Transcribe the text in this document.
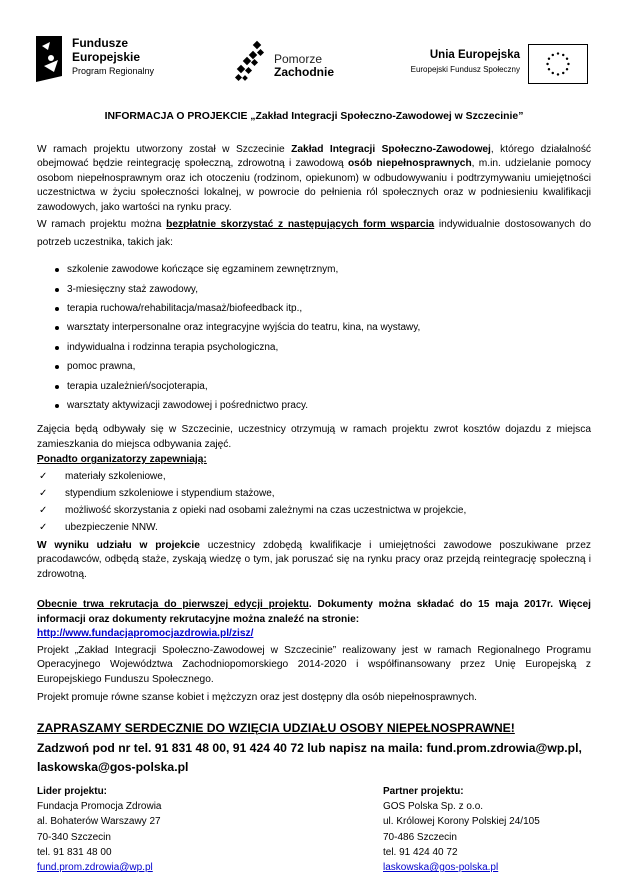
Fundusze
Europejskie
Program Regionalny
Pomorze
Zachodnie
Unia Europejska
Europejski Fundusz Społeczny
INFORMACJA O PROJEKCIE „Zakład Integracji Społeczno-Zawodowej w Szczecinie”

W ramach projektu utworzony został w Szczecinie Zakład Integracji Społeczno-Zawodowej, którego działalność obejmować będzie reintegrację społeczną, zdrowotną i zawodową osób niepełnosprawnych, m.in. udzielanie pomocy osobom niepełnosprawnym oraz ich otoczeniu (rodzinom, opiekunom) w odbudowywaniu i podtrzymywaniu umiejętności uczestnictwa w życiu społeczności lokalnej, w powrocie do pełnienia ról społecznych oraz w podniesieniu kwalifikacji zawodowych, jako wartości na rynku pracy.

W ramach projektu można bezpłatnie skorzystać z następujących form wsparcia indywidualnie dostosowanych do potrzeb uczestnika, takich jak:

szkolenie zawodowe kończące się egzaminem zewnętrznym,
3-miesięczny staż zawodowy,
terapia ruchowa/rehabilitacja/masaż/biofeedback itp.,
warsztaty interpersonalne oraz integracyjne wyjścia do teatru, kina, na wystawy,
indywidualna i rodzinna terapia psychologiczna,
pomoc prawna,
terapia uzależnień/socjoterapia,
warsztaty aktywizacji zawodowej i pośrednictwo pracy.

Zajęcia będą odbywały się w Szczecinie, uczestnicy otrzymują w ramach projektu zwrot kosztów dojazdu z miejsca zamieszkania do miejsca odbywania zajęć.

Ponadto organizatorzy zapewniają:

✓ materiały szkoleniowe,
✓ stypendium szkoleniowe i stypendium stażowe,
✓ możliwość skorzystania z opieki nad osobami zależnymi na czas uczestnictwa w projekcie,
✓ ubezpieczenie NNW.

W wyniku udziału w projekcie uczestnicy zdobędą kwalifikacje i umiejętności zawodowe poszukiwane przez pracodawców, odbędą staże, zyskają wiedzę o tym, jak poruszać się na rynku pracy oraz przejdą reintegrację społeczną i zdrowotną.

Obecnie trwa rekrutacja do pierwszej edycji projektu. Dokumenty można składać do 15 maja 2017r. Więcej informacji oraz dokumenty rekrutacyjne można znaleźć na stronie:
http://www.fundacjapromocjazdrowia.pl/zisz/

Projekt „Zakład Integracji Społeczno-Zawodowej w Szczecinie” realizowany jest w ramach Regionalnego Programu Operacyjnego Województwa Zachodniopomorskiego 2014-2020 i współfinansowany przez Unię Europejską z Europejskiego Funduszu Społecznego.

Projekt promuje równe szanse kobiet i mężczyzn oraz jest dostępny dla osób niepełnosprawnych.

ZAPRASZAMY SERDECZNIE DO WZIĘCIA UDZIAŁU OSOBY NIEPEŁNOSPRAWNE!
Zadzwoń pod nr tel. 91 831 48 00, 91 424 40 72 lub napisz na maila: fund.prom.zdrowia@wp.pl,
laskowska@gos-polska.pl
Lider projektu:
Fundacja Promocja Zdrowia
al. Bohaterów Warszawy 27
70-340 Szczecin
tel. 91 831 48 00
fund.prom.zdrowia@wp.pl
Partner projektu:
GOS Polska Sp. z o.o.
ul. Królowej Korony Polskiej 24/105
70-486 Szczecin
tel. 91 424 40 72
laskowska@gos-polska.pl
